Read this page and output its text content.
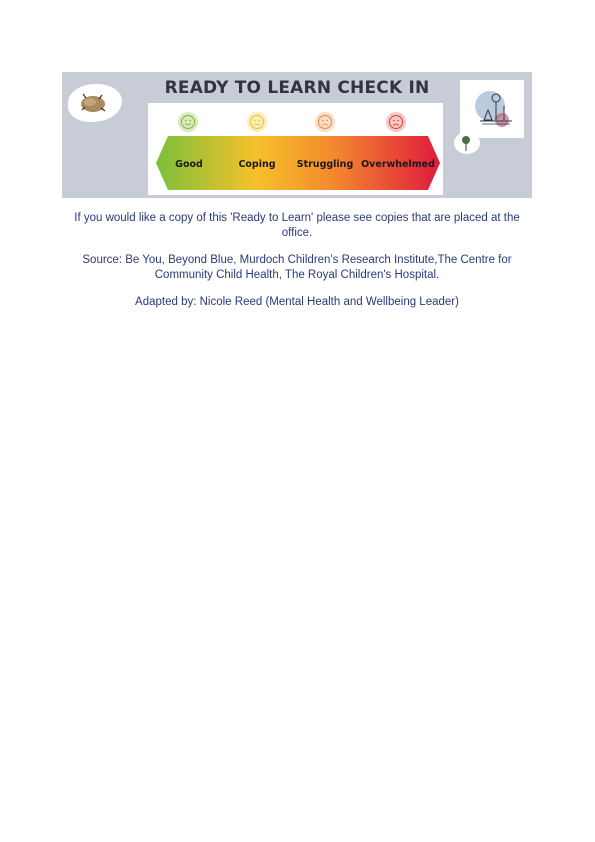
READY TO LEARN CHECK IN
Good	Coping	Struggling Overwhelmed
If you would like a copy of this 'Ready to Learn' please see copies that are placed at the office.
Source: Be You, Beyond Blue, Murdoch Children's Research Institute,The Centre for Community Child Health, The Royal Children's Hospital.
Adapted by: Nicole Reed (Mental Health and Wellbeing Leader)
